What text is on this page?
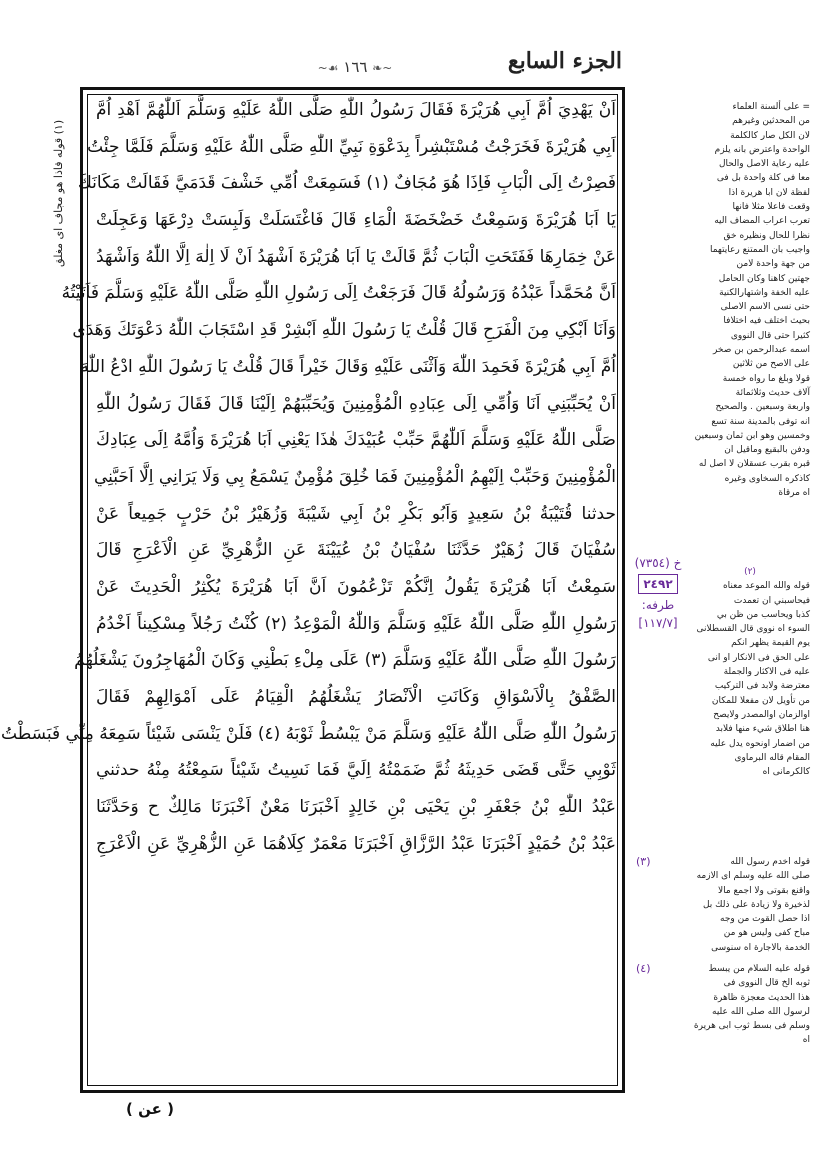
الجزء السابع
~❧ ١٦٦ ☙~
اَنْ يَهْدِيَ اُمَّ اَبِي هُرَيْرَةَ فَقَالَ رَسُولُ اللّٰهِ صَلَّى اللّٰهُ عَلَيْهِ وَسَلَّمَ اَللّٰهُمَّ اَهْدِ اُمَّ
اَبِي هُرَيْرَةَ فَخَرَجْتُ مُسْتَبْشِراً بِدَعْوَةِ نَبِيِّ اللّٰهِ صَلَّى اللّٰهُ عَلَيْهِ وَسَلَّمَ فَلَمَّا جِئْتُ
فَصِرْتُ اِلَى الْبَابِ فَاِذَا هُوَ مُجَافٌ (١) فَسَمِعَتْ اُمِّي خَشْفَ قَدَمَيَّ فَقَالَتْ مَكَانَكَ
يَا اَبَا هُرَيْرَةَ وَسَمِعْتُ خَضْخَضَةَ الْمَاءِ قَالَ فَاغْتَسَلَتْ وَلَبِسَتْ دِرْعَهَا وَعَجِلَتْ
عَنْ خِمَارِهَا فَفَتَحَتِ الْبَابَ ثُمَّ قَالَتْ يَا اَبَا هُرَيْرَةَ اَشْهَدُ اَنْ لَا اِلٰهَ اِلَّا اللّٰهُ وَاَشْهَدُ
اَنَّ مُحَمَّداً عَبْدُهُ وَرَسُولُهُ قَالَ فَرَجَعْتُ اِلَى رَسُولِ اللّٰهِ صَلَّى اللّٰهُ عَلَيْهِ وَسَلَّمَ فَاَتَيْتُهُ
وَاَنَا اَبْكِي مِنَ الْفَرَحِ قَالَ قُلْتُ يَا رَسُولَ اللّٰهِ اَبْشِرْ قَدِ اسْتَجَابَ اللّٰهُ دَعْوَتَكَ وَهَدَى
اُمَّ اَبِي هُرَيْرَةَ فَحَمِدَ اللّٰهَ وَاَثْنَى عَلَيْهِ وَقَالَ خَيْراً قَالَ قُلْتُ يَا رَسُولَ اللّٰهِ ادْعُ اللّٰهَ
اَنْ يُحَبِّبَنِي اَنَا وَاُمِّي اِلَى عِبَادِهِ الْمُؤْمِنِينَ وَيُحَبِّبَهُمْ اِلَيْنَا قَالَ فَقَالَ رَسُولُ اللّٰهِ
صَلَّى اللّٰهُ عَلَيْهِ وَسَلَّمَ اَللّٰهُمَّ حَبِّبْ عُبَيْدَكَ هٰذَا يَعْنِي اَبَا هُرَيْرَةَ وَاُمَّهُ اِلَى عِبَادِكَ
الْمُؤْمِنِينَ وَحَبِّبْ اِلَيْهِمُ الْمُؤْمِنِينَ فَمَا خُلِقَ مُؤْمِنٌ يَسْمَعُ بِي وَلَا يَرَانِي اِلَّا اَحَبَّنِي
حدثنا قُتَيْبَةُ بْنُ سَعِيدٍ وَاَبُو بَكْرِ بْنُ اَبِي شَيْبَةَ وَزُهَيْرُ بْنُ حَرْبٍ جَمِيعاً عَنْ
سُفْيَانَ قَالَ زُهَيْرٌ حَدَّثَنَا سُفْيَانُ بْنُ عُيَيْنَةَ عَنِ الزُّهْرِيِّ عَنِ الْاَعْرَجِ قَالَ
سَمِعْتُ اَبَا هُرَيْرَةَ يَقُولُ اِنَّكُمْ تَزْعُمُونَ اَنَّ اَبَا هُرَيْرَةَ يُكْثِرُ الْحَدِيثَ عَنْ
رَسُولِ اللّٰهِ صَلَّى اللّٰهُ عَلَيْهِ وَسَلَّمَ وَاللّٰهُ الْمَوْعِدُ (٢) كُنْتُ رَجُلاً مِسْكِيناً اَخْدُمُ
رَسُولَ اللّٰهِ صَلَّى اللّٰهُ عَلَيْهِ وَسَلَّمَ (٣) عَلَى مِلْءِ بَطْنِي وَكَانَ الْمُهَاجِرُونَ يَشْغَلُهُمُ
الصَّفْقُ بِالْاَسْوَاقِ وَكَانَتِ الْاَنْصَارُ يَشْغَلُهُمُ الْقِيَامُ عَلَى اَمْوَالِهِمْ فَقَالَ
رَسُولُ اللّٰهِ صَلَّى اللّٰهُ عَلَيْهِ وَسَلَّمَ مَنْ يَبْسُطْ ثَوْبَهُ (٤) فَلَنْ يَنْسَى شَيْئاً سَمِعَهُ مِنِّي فَبَسَطْتُ
ثَوْبِي حَتَّى قَضَى حَدِيثَهُ ثُمَّ ضَمَمْتُهُ اِلَيَّ فَمَا نَسِيتُ شَيْئاً سَمِعْتُهُ مِنْهُ حدثني
عَبْدُ اللّٰهِ بْنُ جَعْفَرِ بْنِ يَحْيَى بْنِ خَالِدٍ اَخْبَرَنَا مَعْنٌ اَخْبَرَنَا مَالِكٌ ح وَحَدَّثَنَا
عَبْدُ بْنُ حُمَيْدٍ اَخْبَرَنَا عَبْدُ الرَّزَّاقِ اَخْبَرَنَا مَعْمَرٌ كِلَاهُمَا عَنِ الزُّهْرِيِّ عَنِ الْاَعْرَجِ
(١) قوله فاذا هو مجاف اى مغلق
= على ألسنة العلماء
من المحدثين وغيرهم
لان الكل صار كالكلمة
الواحدة واعترض بانه يلزم
عليه رعاية الاصل والحال
معا فى كلة واحدة بل فى
لفظة لان ابا هريرة اذا
وقعت فاعلا مثلا فانها
تعرب اعراب المضاف اليه
نظرا للحال ونظيره خق
واجيب بان الممتنع رعايتهما
من جهة واحدة لامن
جهتين كاهنا وكان الحامل
عليه الخفة واشتهارالكنية
حتى نسى الاسم الاصلى
بحيث اختلف فيه اختلافا
كثيرا حتى قال النووى
اسمه عبدالرحمن بن صخر
على الاصح من ثلاثين
قولا وبلغ ما رواه خمسة
آلاف حديث وثلاثمائة
واربعة وسبعين . والصحيح
انه توفى بالمدينة سنة تسع
وخمسين وهو ابن ثمان وسبعين
ودفن بالبقيع وماقيل ان
قبره بقرب عسقلان لا اصل له
كاذكره السخاوى وغيره
اه مرقاة
(٢)
قوله والله الموعد معناه
فيحاسبني ان تعمدت
كذبا ويحاسب من ظن بي
السوء اه نووى قال القسطلانى
يوم القيمة يظهر انكم
على الحق فى الانكار او انى
عليه فى الاكثار والجملة
معترضة ولابد فى التركيب
من تأويل لان مفعلا للمكان
اوالزمان اوالمصدر ولايصح
هنا اطلاق شيء منها فلابد
من اضمار اونحوه يدل عليه
المقام قاله البرماوى
كالكرمانى اه
قوله اخدم رسول الله
صلى الله عليه وسلم اى الازمه
واقنع بقوتى ولا اجمع مالا
لذخيرة ولا زيادة على ذلك بل
اذا حصل القوت من وجه
مباح كفى وليس هو من
الخدمة بالاجارة اه سنوسى
(٣)
قوله عليه السلام من يبسط
ثوبه الخ قال النووى فى
هذا الحديث معجزة ظاهرة
لرسول الله صلى الله عليه
وسلم فى بسط ثوب ابى هريرة
اه
(٤)
خ (٧٣٥٤)
٢٤٩٢
طرفه:
[١١٧/٧]
( عن )
